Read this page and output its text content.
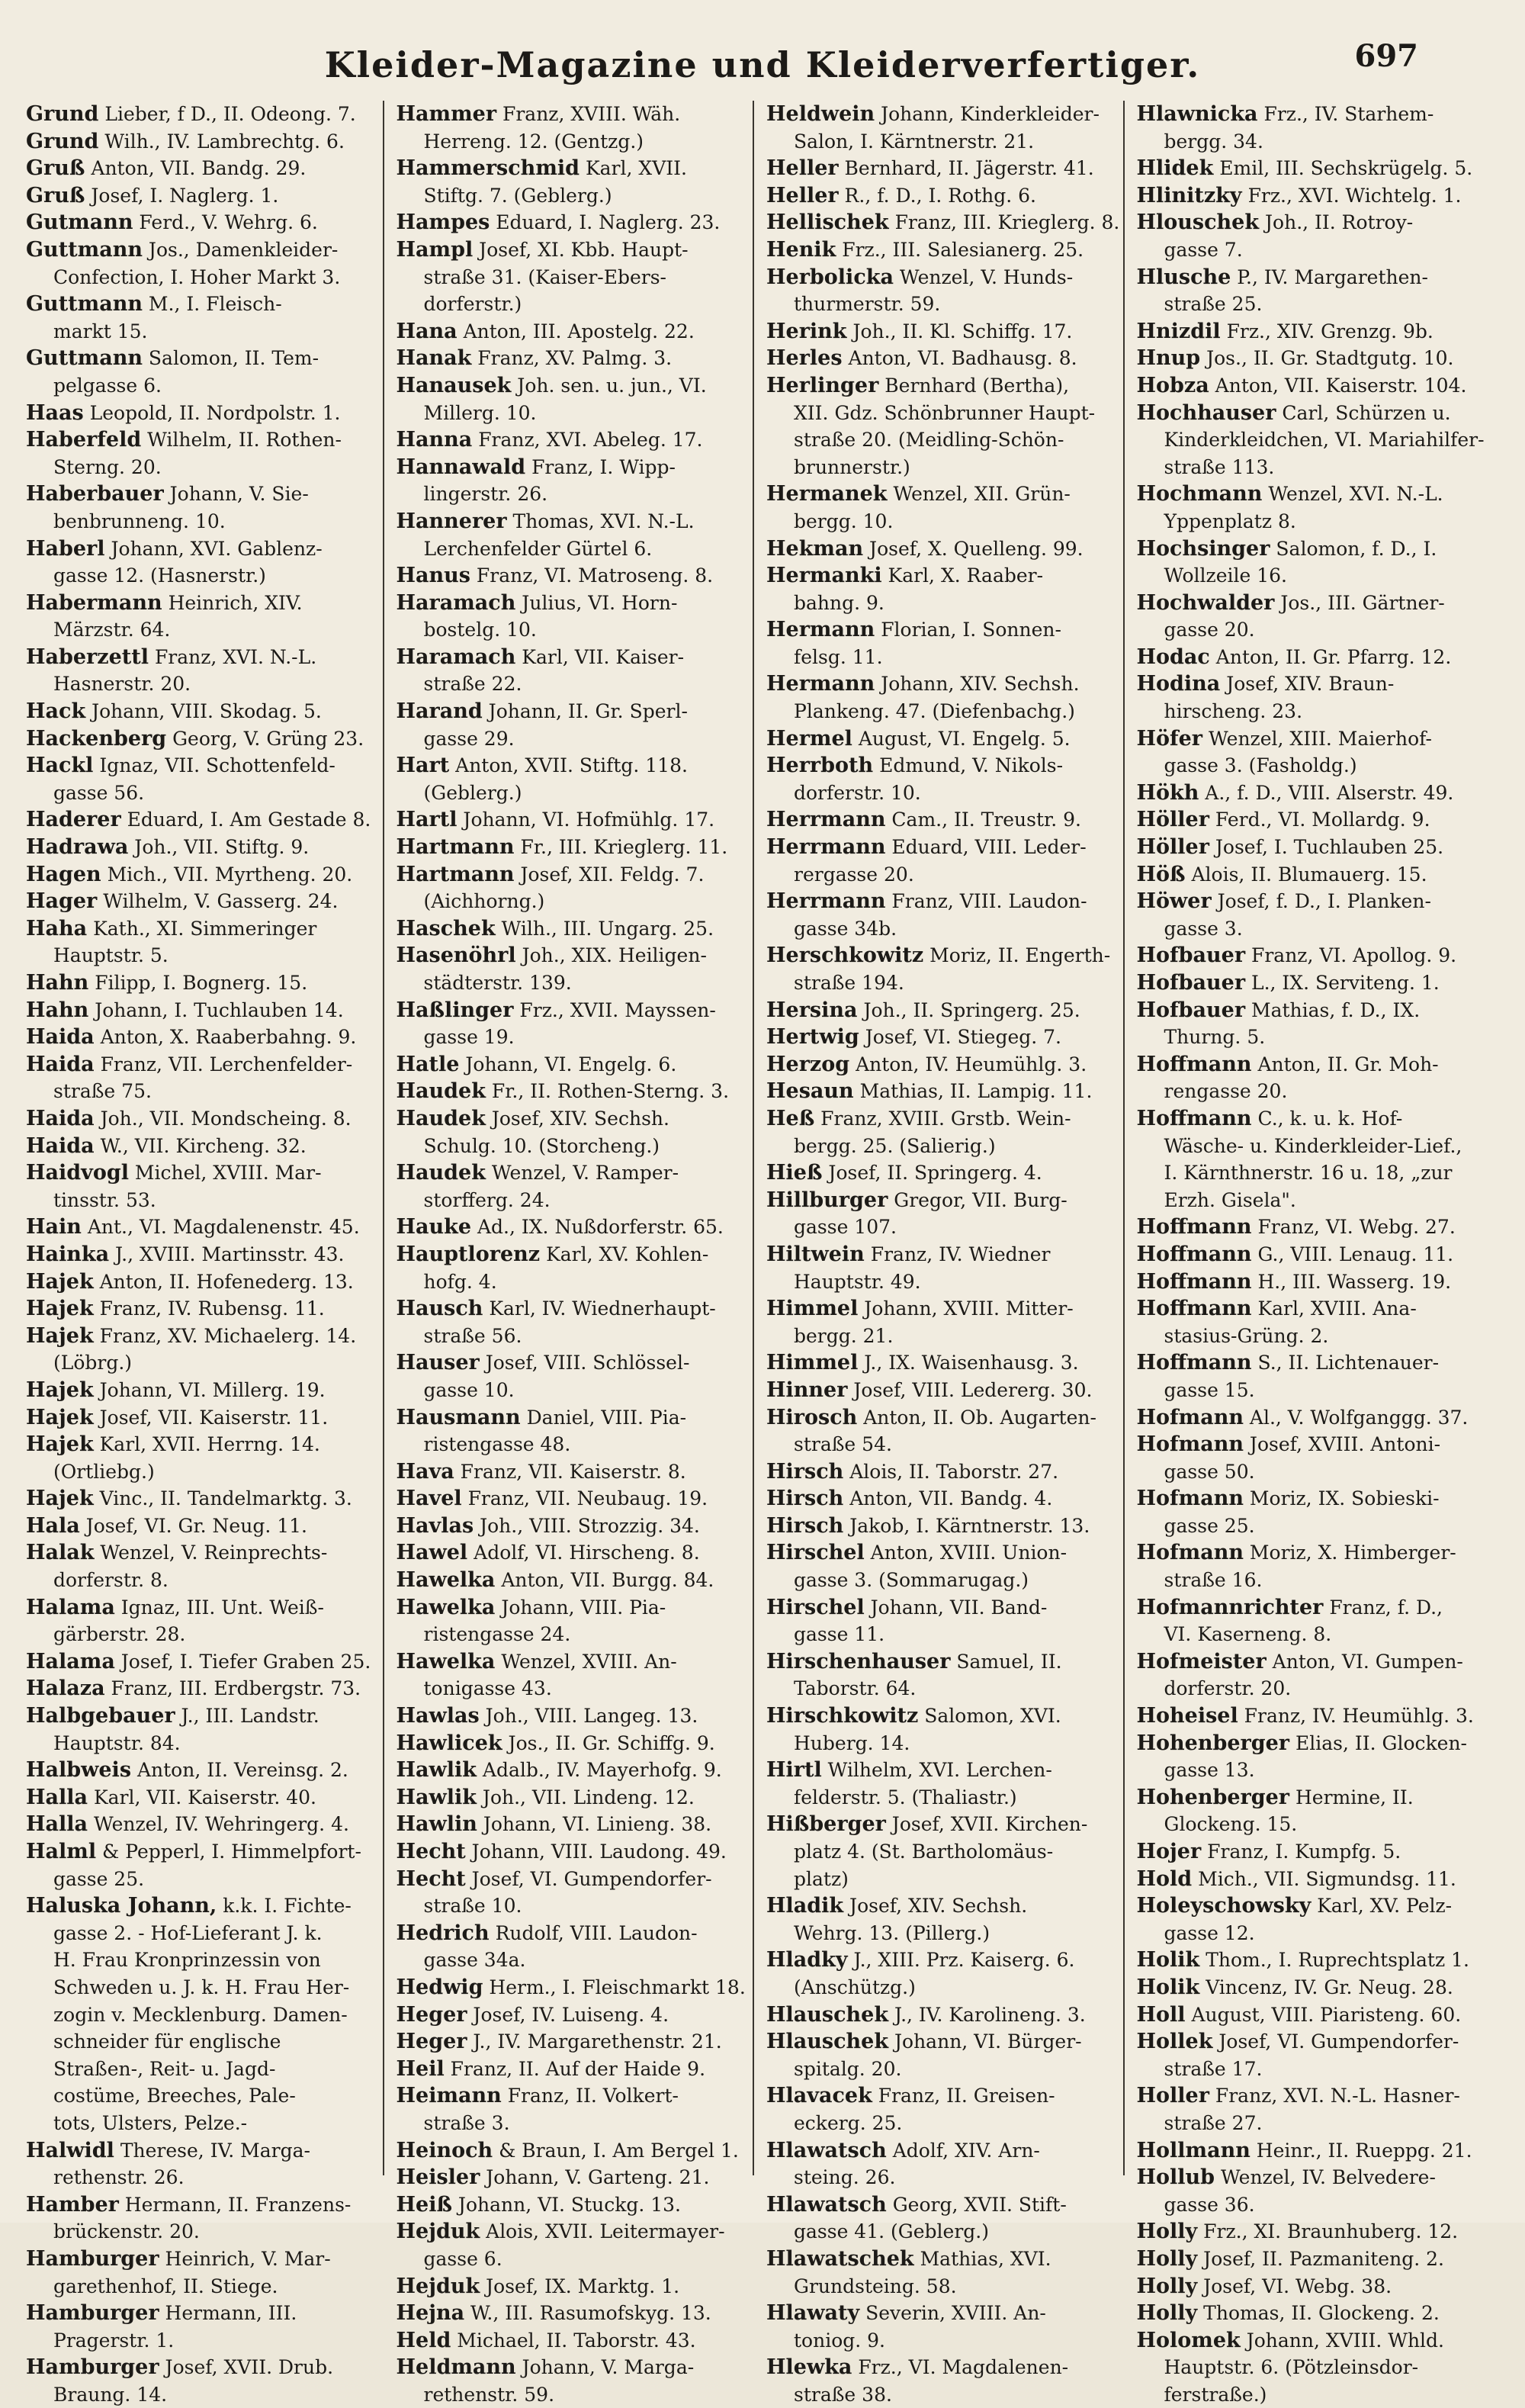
Kleider-Magazine und Kleiderverfertiger.	697
Grund Lieber, f D., II. Odeong. 7.
Grund Wilh., IV. Lambrechtg. 6.
Gruß Anton, VII. Bandg. 29.
Gruß Josef, I. Naglerg. 1.
Gutmann Ferd., V. Wehrg. 6.
Guttmann Jos., Damenkleider-
Confection, I. Hoher Markt 3.
Guttmann M., I. Fleisch-
markt 15.
Guttmann Salomon, II. Tem-
pelgasse 6.
Haas Leopold, II. Nordpolstr. 1.
Haberfeld Wilhelm, II. Rothen-
Sterng. 20.
Haberbauer Johann, V. Sie-
benbrunneng. 10.
Haberl Johann, XVI. Gablenz-
gasse 12. (Hasnerstr.)
Habermann Heinrich, XIV.
Märzstr. 64.
Haberzettl Franz, XVI. N.-L.
Hasnerstr. 20.
Hack Johann, VIII. Skodag. 5.
Hackenberg Georg, V. Grüng 23.
Hackl Ignaz, VII. Schottenfeld-
gasse 56.
Haderer Eduard, I. Am Gestade 8.
Hadrawa Joh., VII. Stiftg. 9.
Hagen Mich., VII. Myrtheng. 20.
Hager Wilhelm, V. Gasserg. 24.
Haha Kath., XI. Simmeringer
Hauptstr. 5.
Hahn Filipp, I. Bognerg. 15.
Hahn Johann, I. Tuchlauben 14.
Haida Anton, X. Raaberbahng. 9.
Haida Franz, VII. Lerchenfelder-
straße 75.
Haida Joh., VII. Mondscheing. 8.
Haida W., VII. Kircheng. 32.
Haidvogl Michel, XVIII. Mar-
tinsstr. 53.
Hain Ant., VI. Magdalenenstr. 45.
Hainka J., XVIII. Martinsstr. 43.
Hajek Anton, II. Hofenederg. 13.
Hajek Franz, IV. Rubensg. 11.
Hajek Franz, XV. Michaelerg. 14.
(Löbrg.)
Hajek Johann, VI. Millerg. 19.
Hajek Josef, VII. Kaiserstr. 11.
Hajek Karl, XVII. Herrng. 14.
(Ortliebg.)
Hajek Vinc., II. Tandelmarktg. 3.
Hala Josef, VI. Gr. Neug. 11.
Halak Wenzel, V. Reinprechts-
dorferstr. 8.
Halama Ignaz, III. Unt. Weiß-
gärberstr. 28.
Halama Josef, I. Tiefer Graben 25.
Halaza Franz, III. Erdbergstr. 73.
Halbgebauer J., III. Landstr.
Hauptstr. 84.
Halbweis Anton, II. Vereinsg. 2.
Halla Karl, VII. Kaiserstr. 40.
Halla Wenzel, IV. Wehringerg. 4.
Halml & Pepperl, I. Himmelpfort-
gasse 25.
Haluska Johann, k.k. I. Fichte-
gasse 2. - Hof-Lieferant J. k.
H. Frau Kronprinzessin von
Schweden u. J. k. H. Frau Her-
zogin v. Mecklenburg. Damen-
schneider für englische
Straßen-, Reit- u. Jagd-
costüme, Breeches, Pale-
tots, Ulsters, Pelze.-
Halwidl Therese, IV. Marga-
rethenstr. 26.
Hamber Hermann, II. Franzens-
brückenstr. 20.
Hamburger Heinrich, V. Mar-
garethenhof, II. Stiege.
Hamburger Hermann, III.
Pragerstr. 1.
Hamburger Josef, XVII. Drub.
Braung. 14.
Hammer Franz, XVIII. Wäh.
Herreng. 12. (Gentzg.)
Hammerschmid Karl, XVII.
Stiftg. 7. (Geblerg.)
Hampes Eduard, I. Naglerg. 23.
Hampl Josef, XI. Kbb. Haupt-
straße 31. (Kaiser-Ebers-
dorferstr.)
Hana Anton, III. Apostelg. 22.
Hanak Franz, XV. Palmg. 3.
Hanausek Joh. sen. u. jun., VI.
Millerg. 10.
Hanna Franz, XVI. Abeleg. 17.
Hannawald Franz, I. Wipp-
lingerstr. 26.
Hannerer Thomas, XVI. N.-L.
Lerchenfelder Gürtel 6.
Hanus Franz, VI. Matroseng. 8.
Haramach Julius, VI. Horn-
bostelg. 10.
Haramach Karl, VII. Kaiser-
straße 22.
Harand Johann, II. Gr. Sperl-
gasse 29.
Hart Anton, XVII. Stiftg. 118.
(Geblerg.)
Hartl Johann, VI. Hofmühlg. 17.
Hartmann Fr., III. Krieglerg. 11.
Hartmann Josef, XII. Feldg. 7.
(Aichhorng.)
Haschek Wilh., III. Ungarg. 25.
Hasenöhrl Joh., XIX. Heiligen-
städterstr. 139.
Haßlinger Frz., XVII. Mayssen-
gasse 19.
Hatle Johann, VI. Engelg. 6.
Haudek Fr., II. Rothen-Sterng. 3.
Haudek Josef, XIV. Sechsh.
Schulg. 10. (Storcheng.)
Haudek Wenzel, V. Ramper-
storfferg. 24.
Hauke Ad., IX. Nußdorferstr. 65.
Hauptlorenz Karl, XV. Kohlen-
hofg. 4.
Hausch Karl, IV. Wiednerhaupt-
straße 56.
Hauser Josef, VIII. Schlössel-
gasse 10.
Hausmann Daniel, VIII. Pia-
ristengasse 48.
Hava Franz, VII. Kaiserstr. 8.
Havel Franz, VII. Neubaug. 19.
Havlas Joh., VIII. Strozzig. 34.
Hawel Adolf, VI. Hirscheng. 8.
Hawelka Anton, VII. Burgg. 84.
Hawelka Johann, VIII. Pia-
ristengasse 24.
Hawelka Wenzel, XVIII. An-
tonigasse 43.
Hawlas Joh., VIII. Langeg. 13.
Hawlicek Jos., II. Gr. Schiffg. 9.
Hawlik Adalb., IV. Mayerhofg. 9.
Hawlik Joh., VII. Lindeng. 12.
Hawlin Johann, VI. Linieng. 38.
Hecht Johann, VIII. Laudong. 49.
Hecht Josef, VI. Gumpendorfer-
straße 10.
Hedrich Rudolf, VIII. Laudon-
gasse 34a.
Hedwig Herm., I. Fleischmarkt 18.
Heger Josef, IV. Luiseng. 4.
Heger J., IV. Margarethenstr. 21.
Heil Franz, II. Auf der Haide 9.
Heimann Franz, II. Volkert-
straße 3.
Heinoch & Braun, I. Am Bergel 1.
Heisler Johann, V. Garteng. 21.
Heiß Johann, VI. Stuckg. 13.
Hejduk Alois, XVII. Leitermayer-
gasse 6.
Hejduk Josef, IX. Marktg. 1.
Hejna W., III. Rasumofskyg. 13.
Held Michael, II. Taborstr. 43.
Heldmann Johann, V. Marga-
rethenstr. 59.
Heldwein Johann, Kinderkleider-
Salon, I. Kärntnerstr. 21.
Heller Bernhard, II. Jägerstr. 41.
Heller R., f. D., I. Rothg. 6.
Hellischek Franz, III. Krieglerg. 8.
Henik Frz., III. Salesianerg. 25.
Herbolicka Wenzel, V. Hunds-
thurmerstr. 59.
Herink Joh., II. Kl. Schiffg. 17.
Herles Anton, VI. Badhausg. 8.
Herlinger Bernhard (Bertha),
XII. Gdz. Schönbrunner Haupt-
straße 20. (Meidling-Schön-
brunnerstr.)
Hermanek Wenzel, XII. Grün-
bergg. 10.
Hekman Josef, X. Quelleng. 99.
Hermanki Karl, X. Raaber-
bahng. 9.
Hermann Florian, I. Sonnen-
felsg. 11.
Hermann Johann, XIV. Sechsh.
Plankeng. 47. (Diefenbachg.)
Hermel August, VI. Engelg. 5.
Herrboth Edmund, V. Nikols-
dorferstr. 10.
Herrmann Cam., II. Treustr. 9.
Herrmann Eduard, VIII. Leder-
rergasse 20.
Herrmann Franz, VIII. Laudon-
gasse 34b.
Herschkowitz Moriz, II. Engerth-
straße 194.
Hersina Joh., II. Springerg. 25.
Hertwig Josef, VI. Stiegeg. 7.
Herzog Anton, IV. Heumühlg. 3.
Hesaun Mathias, II. Lampig. 11.
Heß Franz, XVIII. Grstb. Wein-
bergg. 25. (Salierig.)
Hieß Josef, II. Springerg. 4.
Hillburger Gregor, VII. Burg-
gasse 107.
Hiltwein Franz, IV. Wiedner
Hauptstr. 49.
Himmel Johann, XVIII. Mitter-
bergg. 21.
Himmel J., IX. Waisenhausg. 3.
Hinner Josef, VIII. Ledererg. 30.
Hirosch Anton, II. Ob. Augarten-
straße 54.
Hirsch Alois, II. Taborstr. 27.
Hirsch Anton, VII. Bandg. 4.
Hirsch Jakob, I. Kärntnerstr. 13.
Hirschel Anton, XVIII. Union-
gasse 3. (Sommarugag.)
Hirschel Johann, VII. Band-
gasse 11.
Hirschenhauser Samuel, II.
Taborstr. 64.
Hirschkowitz Salomon, XVI.
Huberg. 14.
Hirtl Wilhelm, XVI. Lerchen-
felderstr. 5. (Thaliastr.)
Hißberger Josef, XVII. Kirchen-
platz 4. (St. Bartholomäus-
platz)
Hladik Josef, XIV. Sechsh.
Wehrg. 13. (Pillerg.)
Hladky J., XIII. Prz. Kaiserg. 6.
(Anschützg.)
Hlauschek J., IV. Karolineng. 3.
Hlauschek Johann, VI. Bürger-
spitalg. 20.
Hlavacek Franz, II. Greisen-
eckerg. 25.
Hlawatsch Adolf, XIV. Arn-
steing. 26.
Hlawatsch Georg, XVII. Stift-
gasse 41. (Geblerg.)
Hlawatschek Mathias, XVI.
Grundsteing. 58.
Hlawaty Severin, XVIII. An-
toniog. 9.
Hlewka Frz., VI. Magdalenen-
straße 38.
Hlawnicka Frz., IV. Starhem-
bergg. 34.
Hlidek Emil, III. Sechskrügelg. 5.
Hlinitzky Frz., XVI. Wichtelg. 1.
Hlouschek Joh., II. Rotroy-
gasse 7.
Hlusche P., IV. Margarethen-
straße 25.
Hnizdil Frz., XIV. Grenzg. 9b.
Hnup Jos., II. Gr. Stadtgutg. 10.
Hobza Anton, VII. Kaiserstr. 104.
Hochhauser Carl, Schürzen u.
Kinderkleidchen, VI. Mariahilfer-
straße 113.
Hochmann Wenzel, XVI. N.-L.
Yppenplatz 8.
Hochsinger Salomon, f. D., I.
Wollzeile 16.
Hochwalder Jos., III. Gärtner-
gasse 20.
Hodac Anton, II. Gr. Pfarrg. 12.
Hodina Josef, XIV. Braun-
hirscheng. 23.
Höfer Wenzel, XIII. Maierhof-
gasse 3. (Fasholdg.)
Hökh A., f. D., VIII. Alserstr. 49.
Höller Ferd., VI. Mollardg. 9.
Höller Josef, I. Tuchlauben 25.
Höß Alois, II. Blumauerg. 15.
Höwer Josef, f. D., I. Planken-
gasse 3.
Hofbauer Franz, VI. Apollog. 9.
Hofbauer L., IX. Serviteng. 1.
Hofbauer Mathias, f. D., IX.
Thurng. 5.
Hoffmann Anton, II. Gr. Moh-
rengasse 20.
Hoffmann C., k. u. k. Hof-
Wäsche- u. Kinderkleider-Lief.,
I. Kärnthnerstr. 16 u. 18, „zur
Erzh. Gisela".
Hoffmann Franz, VI. Webg. 27.
Hoffmann G., VIII. Lenaug. 11.
Hoffmann H., III. Wasserg. 19.
Hoffmann Karl, XVIII. Ana-
stasius-Grüng. 2.
Hoffmann S., II. Lichtenauer-
gasse 15.
Hofmann Al., V. Wolfganggg. 37.
Hofmann Josef, XVIII. Antoni-
gasse 50.
Hofmann Moriz, IX. Sobieski-
gasse 25.
Hofmann Moriz, X. Himberger-
straße 16.
Hofmannrichter Franz, f. D.,
VI. Kaserneng. 8.
Hofmeister Anton, VI. Gumpen-
dorferstr. 20.
Hoheisel Franz, IV. Heumühlg. 3.
Hohenberger Elias, II. Glocken-
gasse 13.
Hohenberger Hermine, II.
Glockeng. 15.
Hojer Franz, I. Kumpfg. 5.
Hold Mich., VII. Sigmundsg. 11.
Holeyschowsky Karl, XV. Pelz-
gasse 12.
Holik Thom., I. Ruprechtsplatz 1.
Holik Vincenz, IV. Gr. Neug. 28.
Holl August, VIII. Piaristeng. 60.
Hollek Josef, VI. Gumpendorfer-
straße 17.
Holler Franz, XVI. N.-L. Hasner-
straße 27.
Hollmann Heinr., II. Rueppg. 21.
Hollub Wenzel, IV. Belvedere-
gasse 36.
Holly Frz., XI. Braunhuberg. 12.
Holly Josef, II. Pazmaniteng. 2.
Holly Josef, VI. Webg. 38.
Holly Thomas, II. Glockeng. 2.
Holomek Johann, XVIII. Whld.
Hauptstr. 6. (Pötzleinsdor-
ferstraße.)
